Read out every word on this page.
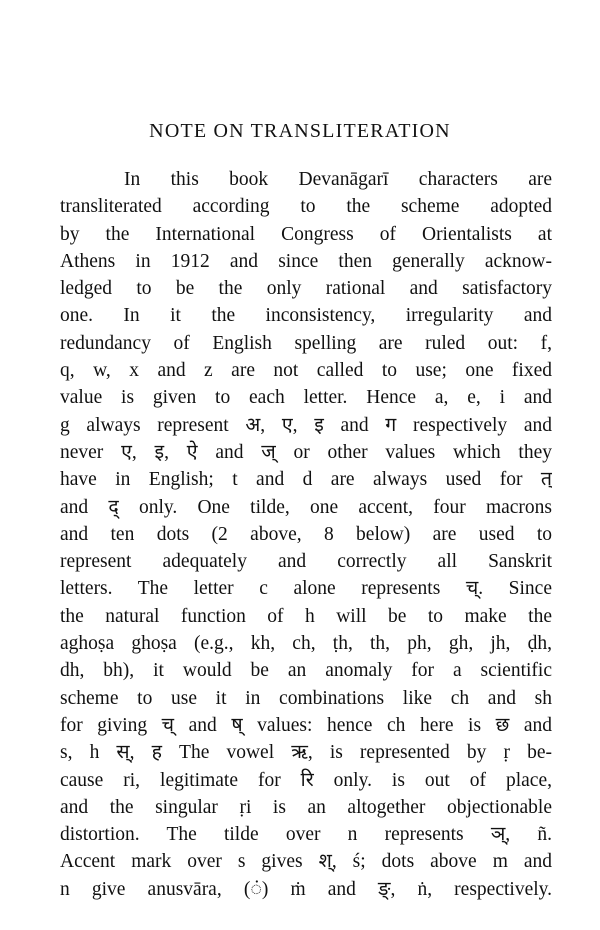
NOTE ON TRANSLITERATION
In this book Devanāgarī characters are
transliterated according to the scheme adopted
by the International Congress of Orientalists at
Athens in 1912 and since then generally acknow-
ledged to be the only rational and satisfactory
one. In it the inconsistency, irregularity and
redundancy of English spelling are ruled out: f,
q, w, x and z are not called to use; one fixed
value is given to each letter. Hence a, e, i and
g always represent अ, ए, इ and ग respectively and
never ए, इ, ऐ and ज् or other values which they
have in English; t and d are always used for त्
and द् only. One tilde, one accent, four macrons
and ten dots (2 above, 8 below) are used to
represent adequately and correctly all Sanskrit
letters. The letter c alone represents च्. Since
the natural function of h will be to make the
aghoṣa ghoṣa (e.g., kh, ch, ṭh, th, ph, gh, jh, ḍh,
dh, bh), it would be an anomaly for a scientific
scheme to use it in combinations like ch and sh
for giving च् and ष् values: hence ch here is छ and
s, h स्, ह The vowel ऋ, is represented by ṛ be-
cause ri, legitimate for रि only. is out of place,
and the singular ṛi is an altogether objectionable
distortion. The tilde over n represents ञ्, ñ.
Accent mark over s gives श्, ś; dots above m and
n give anusvāra, (ं) ṁ and ङ्, ṅ, respectively.
